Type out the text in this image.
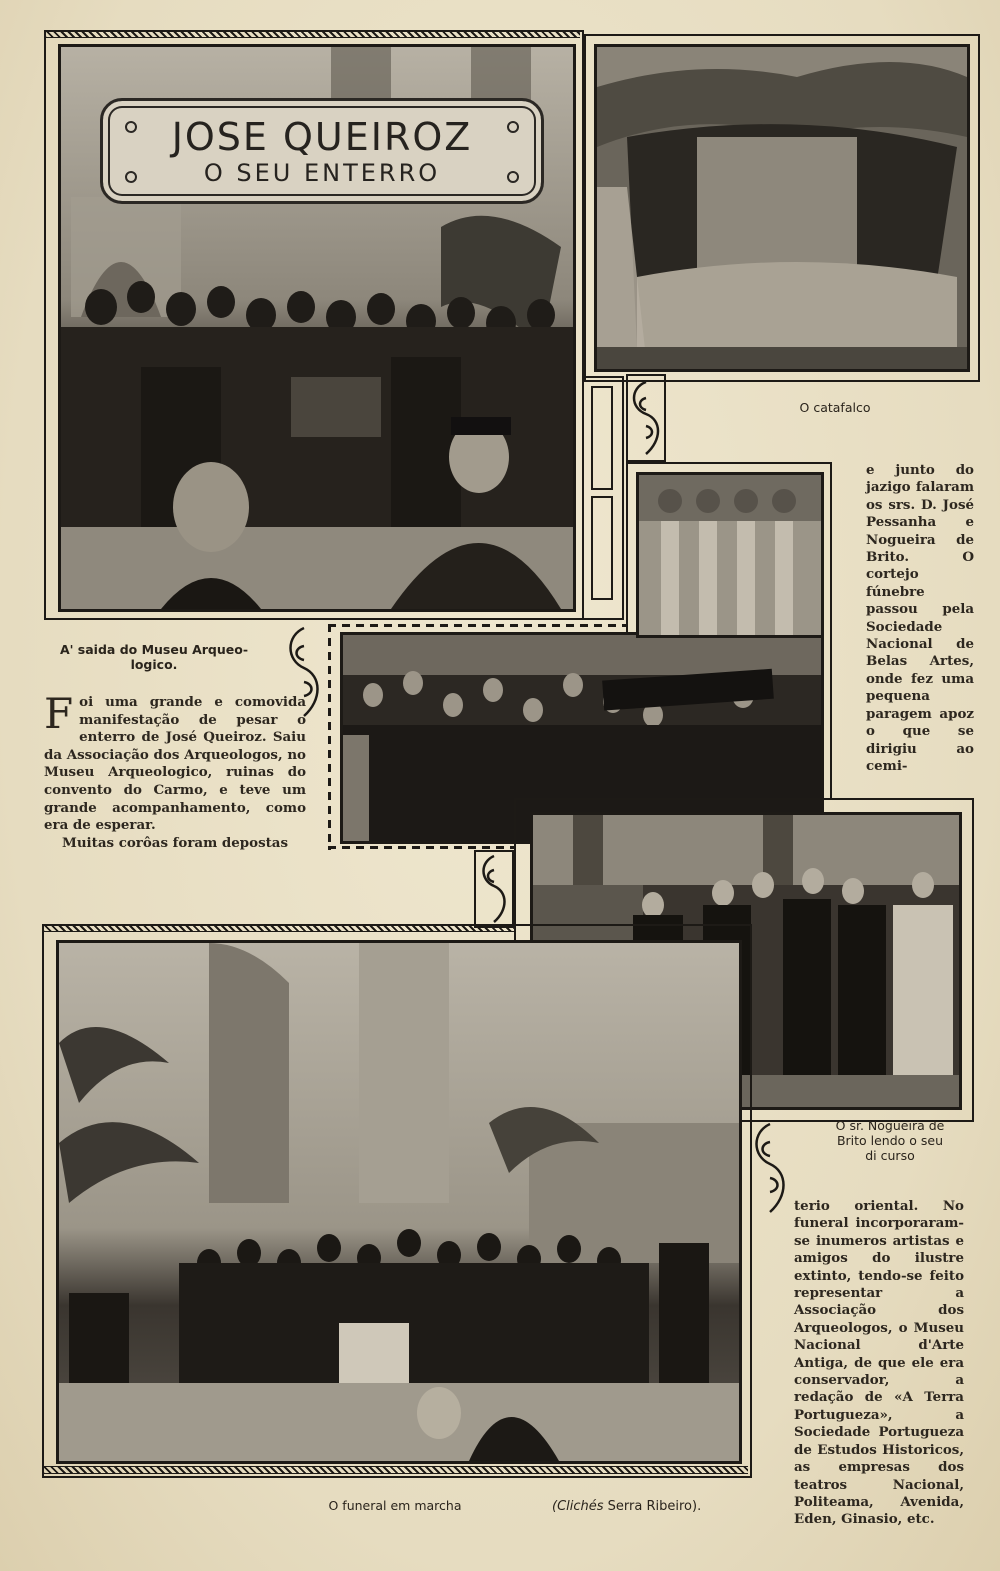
JOSE QUEIROZ
O SEU ENTERRO
O catafalco

e junto do jazigo falaram os srs. D. José Pessanha e Nogueira de Brito. O cortejo fúnebre passou pela Sociedade Nacional de Belas Artes, onde fez uma pequena paragem apoz o que se dirigiu ao cemi-

A' saida do Museu Arqueo-
logico.
F oi uma grande e comovida manifestação de pesar o enterro de José Queiroz. Saiu da Associação dos Arqueologos, no Museu Arqueologico, ruinas do convento do Carmo, e teve um grande acompanhamento, como era de esperar.
Muitas corôas foram depostas
O sr. Nogueira de
Brito lendo o seu
di curso

terio oriental. No funeral incorporaram-se inumeros artistas e amigos do ilustre extinto, tendo-se feito representar a Associação dos Arqueologos, o Museu Nacional d'Arte Antiga, de que ele era conservador, a redação de «A Terra Portugueza», a Sociedade Portugueza de Estudos Historicos, as empresas dos teatros Nacional, Politeama, Avenida, Eden, Ginasio, etc.

O funeral em marcha	(Clichés Serra Ribeiro).
